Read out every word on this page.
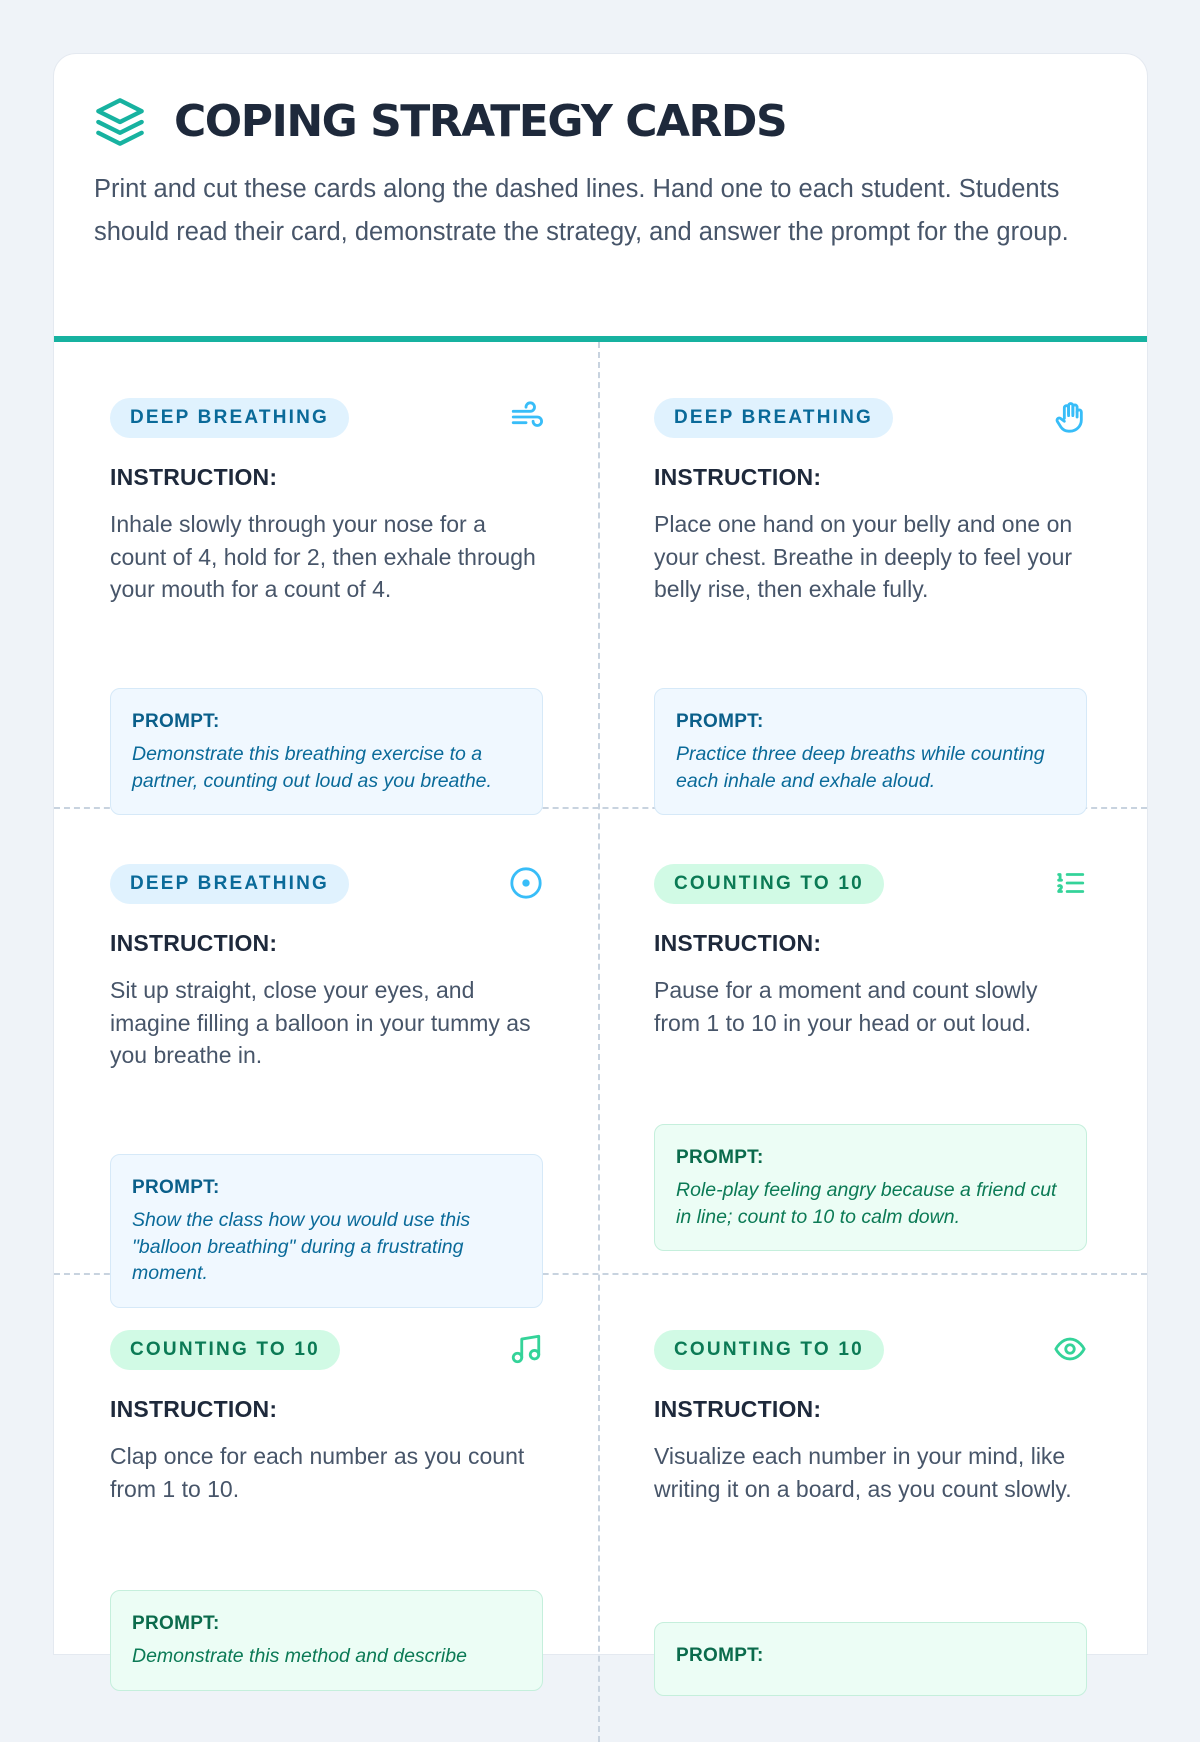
COPING STRATEGY CARDS

Print and cut these cards along the dashed lines. Hand one to each student. Students should read their card, demonstrate the strategy, and answer the prompt for the group.

DEEP BREATHING
INSTRUCTION:

Inhale slowly through your nose for a count of 4, hold for 2, then exhale through your mouth for a count of 4.

PROMPT:
Demonstrate this breathing exercise to a partner, counting out loud as you breathe.
DEEP BREATHING
INSTRUCTION:

Place one hand on your belly and one on your chest. Breathe in deeply to feel your belly rise, then exhale fully.

PROMPT:
Practice three deep breaths while counting each inhale and exhale aloud.
DEEP BREATHING
INSTRUCTION:

Sit up straight, close your eyes, and imagine filling a balloon in your tummy as you breathe in.

PROMPT:
Show the class how you would use this "balloon breathing" during a frustrating moment.
COUNTING TO 10
INSTRUCTION:

Pause for a moment and count slowly from 1 to 10 in your head or out loud.

PROMPT:
Role-play feeling angry because a friend cut in line; count to 10 to calm down.
COUNTING TO 10
INSTRUCTION:

Clap once for each number as you count from 1 to 10.

PROMPT:
Demonstrate this method and describe
COUNTING TO 10
INSTRUCTION:

Visualize each number in your mind, like writing it on a board, as you count slowly.

PROMPT:
